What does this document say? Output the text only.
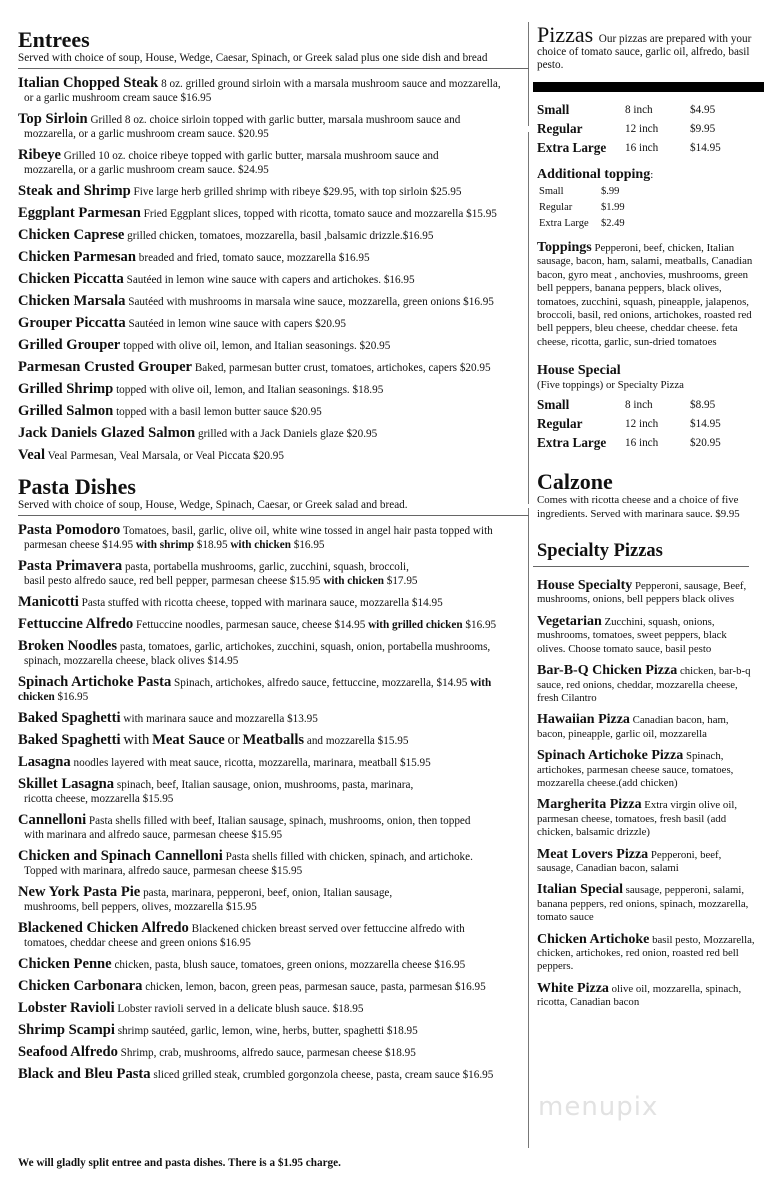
Entrees
Served with choice of soup, House, Wedge, Caesar, Spinach, or Greek salad plus one side dish and bread
Italian Chopped Steak 8 oz. grilled ground sirloin with a marsala mushroom sauce and mozzarella,
or a garlic mushroom cream sauce $16.95
Top Sirloin Grilled 8 oz. choice sirloin topped with garlic butter, marsala mushroom sauce and
mozzarella, or a garlic mushroom cream sauce. $20.95
Ribeye Grilled 10 oz. choice ribeye topped with garlic butter, marsala mushroom sauce and
mozzarella, or a garlic mushroom cream sauce. $24.95
Steak and Shrimp Five large herb grilled shrimp with ribeye $29.95, with top sirloin $25.95
Eggplant Parmesan Fried Eggplant slices, topped with ricotta, tomato sauce and mozzarella $15.95
Chicken Caprese grilled chicken, tomatoes, mozzarella, basil ,balsamic drizzle.$16.95
Chicken Parmesan breaded and fried, tomato sauce, mozzarella $16.95
Chicken Piccatta Sautéed in lemon wine sauce with capers and artichokes. $16.95
Chicken Marsala Sautéed with mushrooms in marsala wine sauce, mozzarella, green onions $16.95
Grouper Piccatta Sautéed in lemon wine sauce with capers $20.95
Grilled Grouper topped with olive oil, lemon, and Italian seasonings. $20.95
Parmesan Crusted Grouper Baked, parmesan butter crust, tomatoes, artichokes, capers $20.95
Grilled Shrimp topped with olive oil, lemon, and Italian seasonings. $18.95
Grilled Salmon topped with a basil lemon butter sauce $20.95
Jack Daniels Glazed Salmon grilled with a Jack Daniels glaze $20.95
Veal Veal Parmesan, Veal Marsala, or Veal Piccata $20.95
Pasta Dishes
Served with choice of soup, House, Wedge, Spinach, Caesar, or Greek salad and bread.
Pasta Pomodoro Tomatoes, basil, garlic, olive oil, white wine tossed in angel hair pasta topped with
parmesan cheese $14.95 with shrimp $18.95 with chicken $16.95
Pasta Primavera pasta, portabella mushrooms, garlic, zucchini, squash, broccoli,
basil pesto alfredo sauce, red bell pepper, parmesan cheese $15.95 with chicken $17.95
Manicotti Pasta stuffed with ricotta cheese, topped with marinara sauce, mozzarella $14.95
Fettuccine Alfredo Fettuccine noodles, parmesan sauce, cheese $14.95 with grilled chicken $16.95
Broken Noodles pasta, tomatoes, garlic, artichokes, zucchini, squash, onion, portabella mushrooms,
spinach, mozzarella cheese, black olives $14.95
Spinach Artichoke Pasta Spinach, artichokes, alfredo sauce, fettuccine, mozzarella, $14.95 with chicken $16.95
Baked Spaghetti with marinara sauce and mozzarella $13.95
Baked Spaghetti with Meat Sauce or Meatballs and mozzarella $15.95
Lasagna noodles layered with meat sauce, ricotta, mozzarella, marinara, meatball $15.95
Skillet Lasagna spinach, beef, Italian sausage, onion, mushrooms, pasta, marinara,
ricotta cheese, mozzarella $15.95
Cannelloni Pasta shells filled with beef, Italian sausage, spinach, mushrooms, onion, then topped
with marinara and alfredo sauce, parmesan cheese $15.95
Chicken and Spinach Cannelloni Pasta shells filled with chicken, spinach, and artichoke.
Topped with marinara, alfredo sauce, parmesan cheese $15.95
New York Pasta Pie pasta, marinara, pepperoni, beef, onion, Italian sausage,
mushrooms, bell peppers, olives, mozzarella $15.95
Blackened Chicken Alfredo Blackened chicken breast served over fettuccine alfredo with
tomatoes, cheddar cheese and green onions $16.95
Chicken Penne chicken, pasta, blush sauce, tomatoes, green onions, mozzarella cheese $16.95
Chicken Carbonara chicken, lemon, bacon, green peas, parmesan sauce, pasta, parmesan $16.95
Lobster Ravioli Lobster ravioli served in a delicate blush sauce. $18.95
Shrimp Scampi shrimp sautéed, garlic, lemon, wine, herbs, butter, spaghetti $18.95
Seafood Alfredo Shrimp, crab, mushrooms, alfredo sauce, parmesan cheese $18.95
Black and Bleu Pasta sliced grilled steak, crumbled gorgonzola cheese, pasta, cream sauce $16.95
We will gladly split entree and pasta dishes. There is a $1.95 charge.
Pizzas Our pizzas are prepared with your choice of tomato sauce, garlic oil, alfredo, basil pesto.
Small	8 inch	$4.95
Regular	12 inch	$9.95
Extra Large	16 inch	$14.95
Additional topping:
Small	$.99
Regular	$1.99
Extra Large	$2.49
Toppings Pepperoni, beef, chicken, Italian sausage, bacon, ham, salami, meatballs, Canadian bacon, gyro meat , anchovies, mushrooms, green bell peppers, banana peppers, black olives, tomatoes, zucchini, squash, pineapple, jalapenos, broccoli, basil, red onions, artichokes, roasted red bell peppers, bleu cheese, cheddar cheese. feta cheese, ricotta, garlic, sun-dried tomatoes
House Special
(Five toppings) or Specialty Pizza
Small	8 inch	$8.95
Regular	12 inch	$14.95
Extra Large	16 inch	$20.95
Calzone
Comes with ricotta cheese and a choice of five ingredients. Served with marinara sauce. $9.95
Specialty Pizzas
House Specialty Pepperoni, sausage, Beef, mushrooms, onions, bell peppers black olives
Vegetarian Zucchini, squash, onions, mushrooms, tomatoes, sweet peppers, black olives. Choose tomato sauce, basil pesto
Bar-B-Q Chicken Pizza chicken, bar-b-q sauce, red onions, cheddar, mozzarella cheese, fresh Cilantro
Hawaiian Pizza Canadian bacon, ham, bacon, pineapple, garlic oil, mozzarella
Spinach Artichoke Pizza Spinach, artichokes, parmesan cheese sauce, tomatoes, mozzarella cheese.(add chicken)
Margherita Pizza Extra virgin olive oil, parmesan cheese, tomatoes, fresh basil (add chicken, balsamic drizzle)
Meat Lovers Pizza Pepperoni, beef, sausage, Canadian bacon, salami
Italian Special sausage, pepperoni, salami, banana peppers, red onions, spinach, mozzarella, tomato sauce
Chicken Artichoke basil pesto, Mozzarella, chicken, artichokes, red onion, roasted red bell peppers.
White Pizza olive oil, mozzarella, spinach, ricotta, Canadian bacon
menupix
